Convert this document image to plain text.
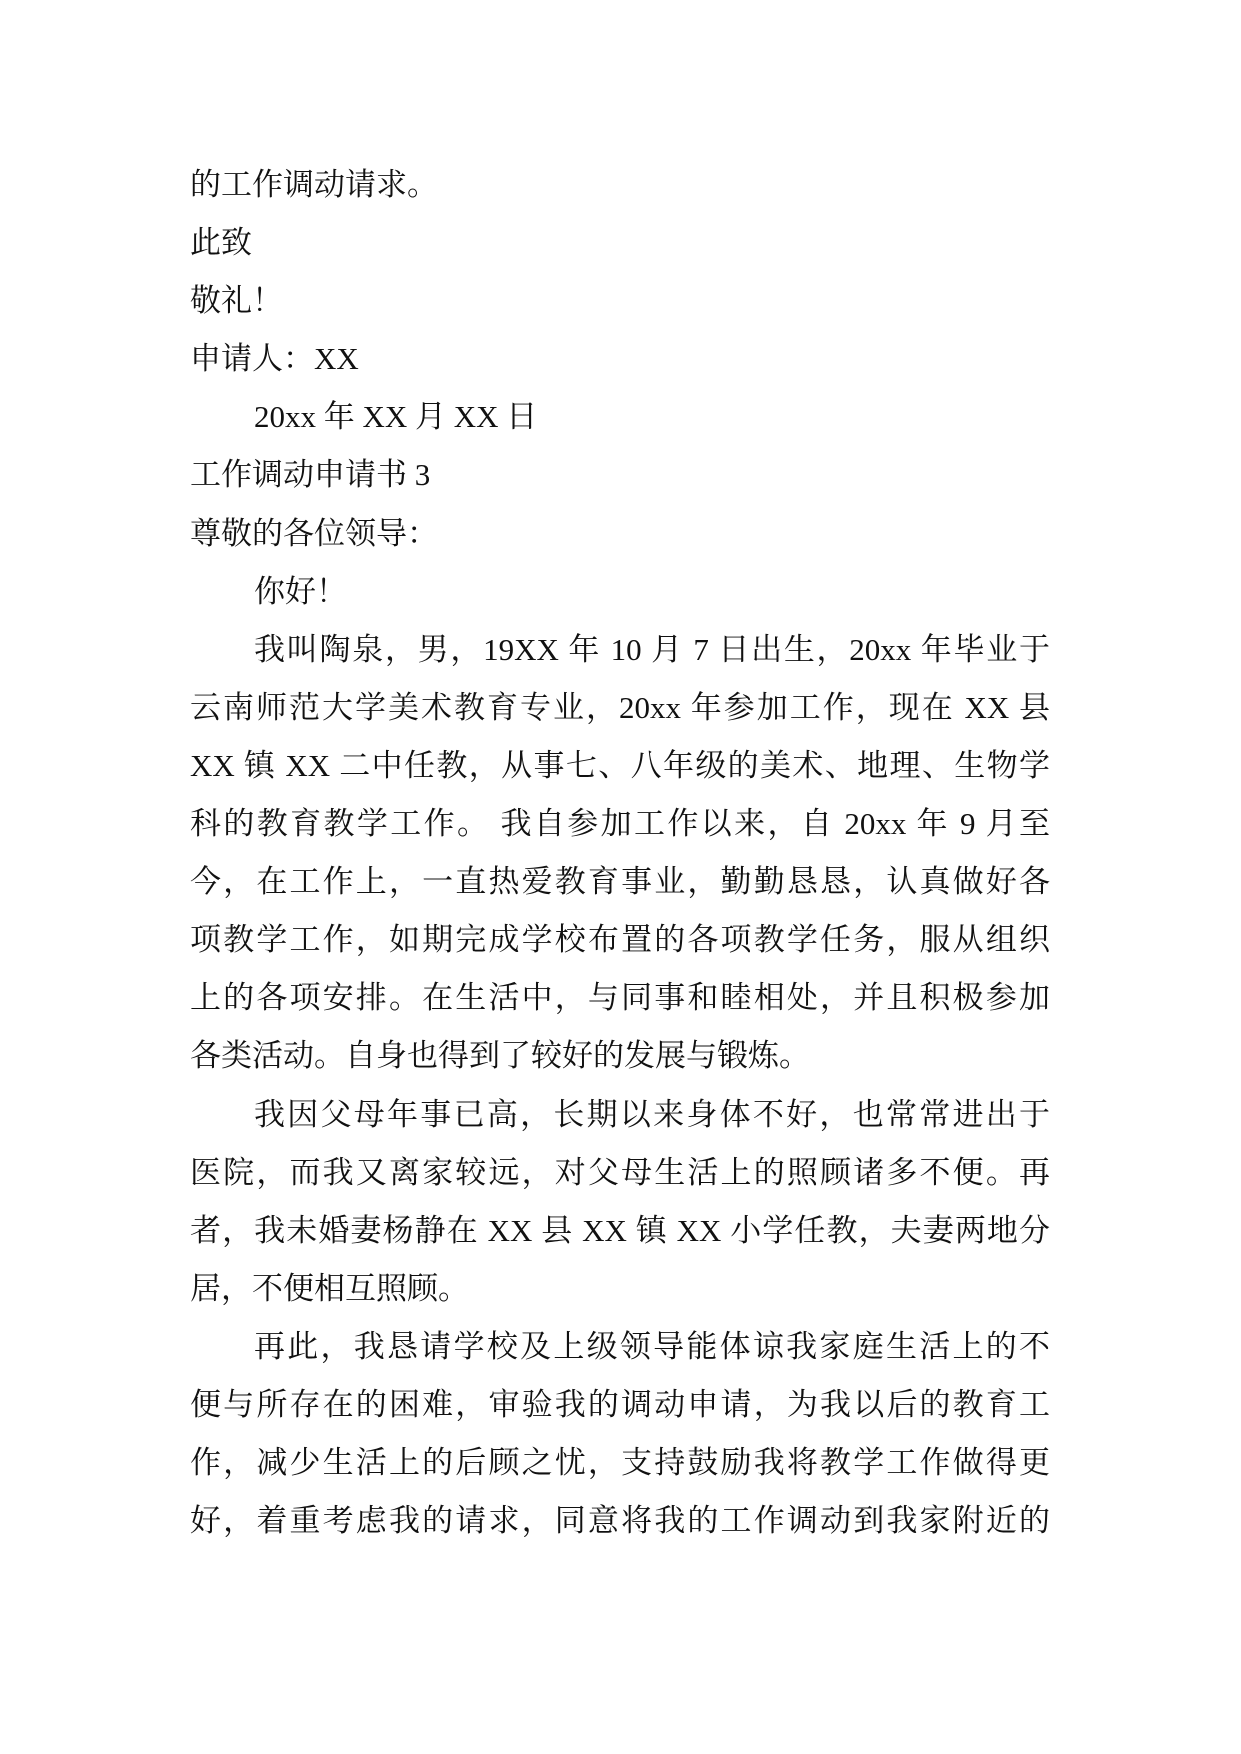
的工作调动请求。
此致
敬礼！
申请人：XX
20xx 年 XX 月 XX 日
工作调动申请书 3
尊敬的各位领导：
你好！
我叫陶泉，男，19XX 年 10 月 7 日出生，20xx 年毕业于
云南师范大学美术教育专业，20xx 年参加工作，现在 XX 县
XX 镇 XX 二中任教，从事七、八年级的美术、地理、生物学
科的教育教学工作。 我自参加工作以来，自 20xx 年 9 月至
今，在工作上，一直热爱教育事业，勤勤恳恳，认真做好各
项教学工作，如期完成学校布置的各项教学任务，服从组织
上的各项安排。在生活中，与同事和睦相处，并且积极参加
各类活动。自身也得到了较好的发展与锻炼。
我因父母年事已高，长期以来身体不好，也常常进出于
医院，而我又离家较远，对父母生活上的照顾诸多不便。再
者，我未婚妻杨静在 XX 县 XX 镇 XX 小学任教，夫妻两地分
居，不便相互照顾。
再此，我恳请学校及上级领导能体谅我家庭生活上的不
便与所存在的困难，审验我的调动申请，为我以后的教育工
作，减少生活上的后顾之忧，支持鼓励我将教学工作做得更
好，着重考虑我的请求，同意将我的工作调动到我家附近的
